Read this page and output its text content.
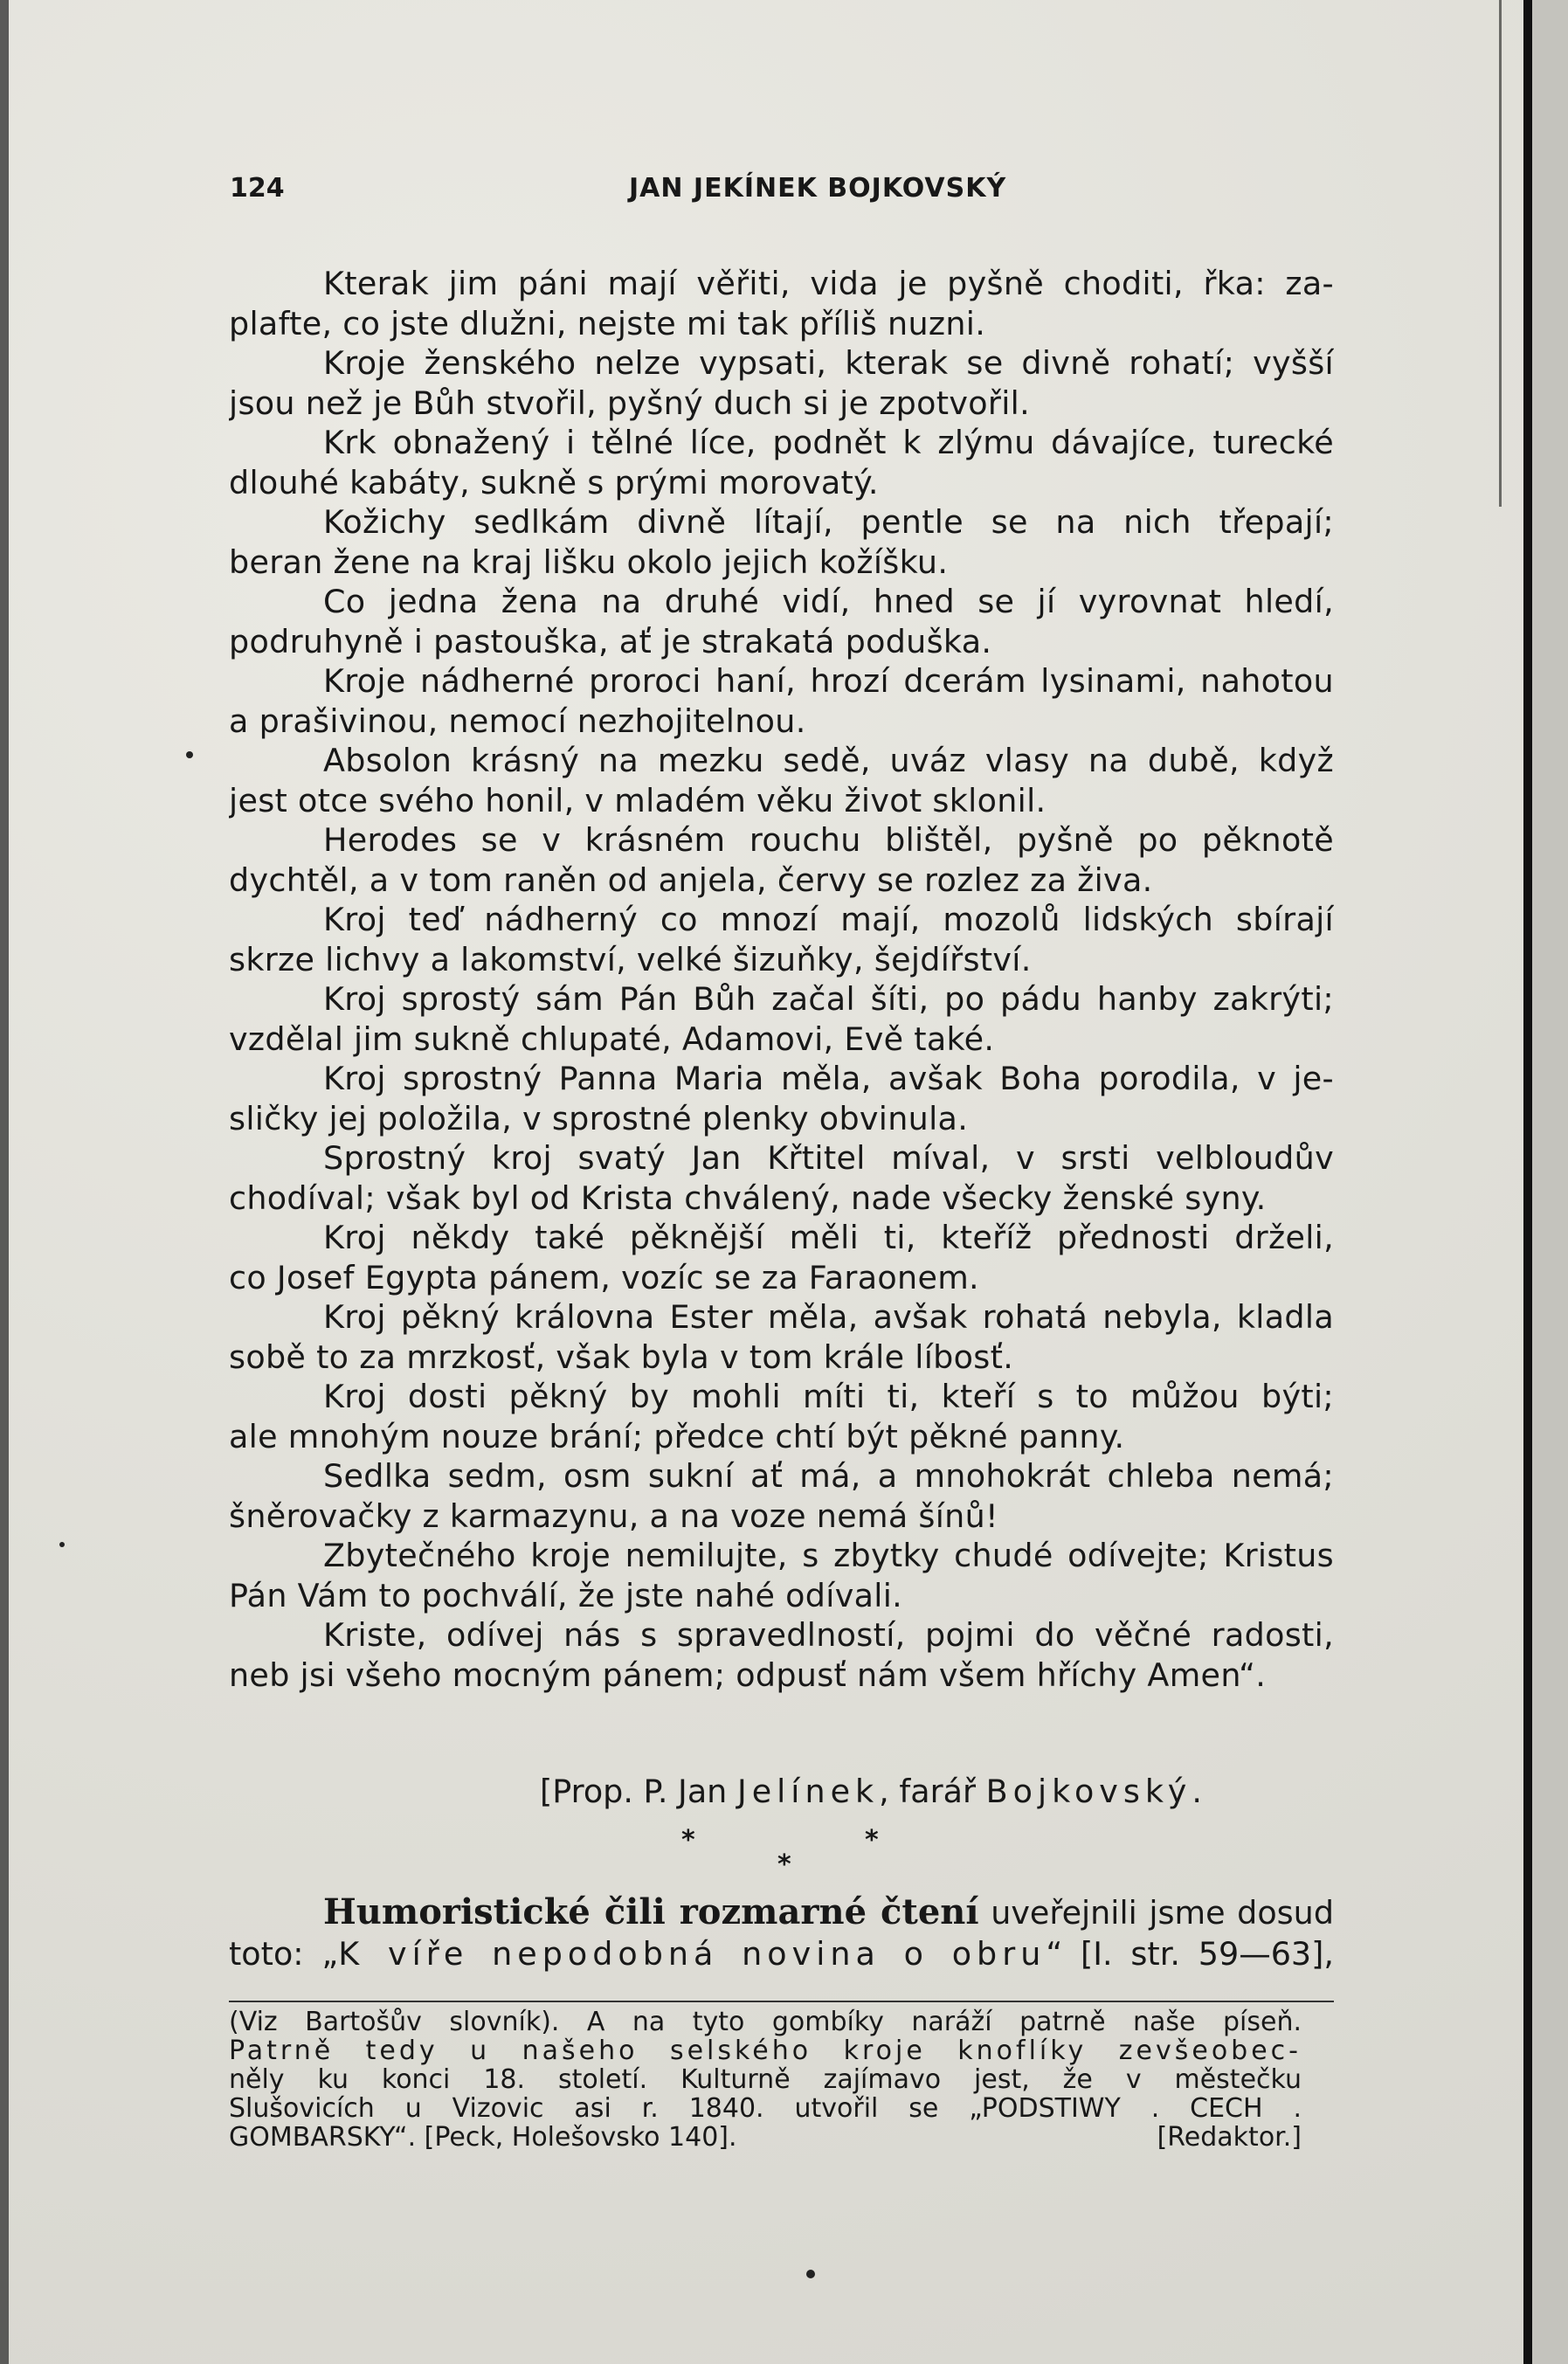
124	JAN JEKÍNEK BOJKOVSKÝ
Kterak jim páni mají věřiti, vida je pyšně choditi, řka: za-
plafte, co jste dlužni, nejste mi tak příliš nuzni.
Kroje ženského nelze vypsati, kterak se divně rohatí; vyšší
jsou než je Bůh stvořil, pyšný duch si je zpotvořil.
Krk obnažený i tělné líce, podnět k zlýmu dávajíce, turecké
dlouhé kabáty, sukně s prými morovatý.
Kožichy sedlkám divně lítají, pentle se na nich třepají;
beran žene na kraj lišku okolo jejich kožíšku.
Co jedna žena na druhé vidí, hned se jí vyrovnat hledí,
podruhyně i pastouška, ať je strakatá poduška.
Kroje nádherné proroci haní, hrozí dcerám lysinami, nahotou
a prašivinou, nemocí nezhojitelnou.
Absolon krásný na mezku sedě, uváz vlasy na dubě, když
jest otce svého honil, v mladém věku život sklonil.
Herodes se v krásném rouchu blištěl, pyšně po pěknotě
dychtěl, a v tom raněn od anjela, červy se rozlez za živa.
Kroj teď nádherný co mnozí mají, mozolů lidských sbírají
skrze lichvy a lakomství, velké šizuňky, šejdířství.
Kroj sprostý sám Pán Bůh začal šíti, po pádu hanby zakrýti;
vzdělal jim sukně chlupaté, Adamovi, Evě také.
Kroj sprostný Panna Maria měla, avšak Boha porodila, v je-
sličky jej položila, v sprostné plenky obvinula.
Sprostný kroj svatý Jan Křtitel míval, v srsti velbloudův
chodíval; však byl od Krista chválený, nade všecky ženské syny.
Kroj někdy také pěknější měli ti, kteříž přednosti drželi,
co Josef Egypta pánem, vozíc se za Faraonem.
Kroj pěkný královna Ester měla, avšak rohatá nebyla, kladla
sobě to za mrzkosť, však byla v tom krále líbosť.
Kroj dosti pěkný by mohli míti ti, kteří s to můžou býti;
ale mnohým nouze brání; předce chtí být pěkné panny.
Sedlka sedm, osm sukní ať má, a mnohokrát chleba nemá;
šněrovačky z karmazynu, a na voze nemá šínů!
Zbytečného kroje nemilujte, s zbytky chudé odívejte; Kristus
Pán Vám to pochválí, že jste nahé odívali.
Kriste, odívej nás s spravedlností, pojmi do věčné radosti,
neb jsi všeho mocným pánem; odpusť nám všem hříchy Amen“.
[Prop. P. Jan Jelínek, farář Bojkovský.
*
*
*
Humoristické čili rozmarné čtení uveřejnili jsme dosud
toto: „K víře nepodobná novina o obru“ [I. str. 59—63],
(Viz Bartošův slovník). A na tyto gombíky naráží patrně naše píseň.
Patrně tedy u našeho selského kroje knoflíky zevšeobec-
něly ku konci 18. století. Kulturně zajímavo jest, že v městečku
Slušovicích u Vizovic asi r. 1840. utvořil se „PODSTIWY . CECH .
GOMBARSKY“. [Peck, Holešovsko 140].	[Redaktor.]
